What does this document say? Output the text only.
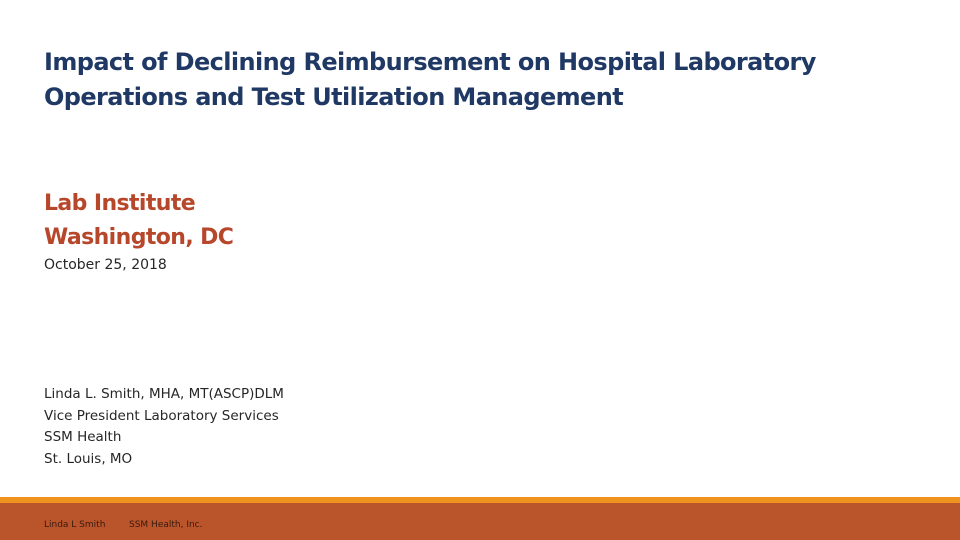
Impact of Declining Reimbursement on Hospital Laboratory
Operations and Test Utilization Management
Lab Institute
Washington, DC
October 25, 2018
Linda L. Smith, MHA, MT(ASCP)DLM
Vice President Laboratory Services
SSM Health
St. Louis, MO
Linda L Smith	SSM Health, Inc.
